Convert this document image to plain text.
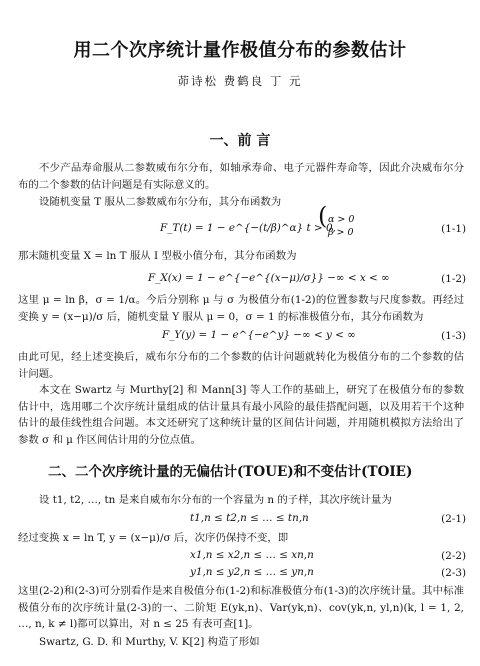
用二个次序统计量作极值分布的参数估计
茆诗松 费鹤良 丁 元
一、前 言
不少产品寿命服从二参数威布尔分布，如轴承寿命、电子元器件寿命等，因此介决威布尔分布的二个参数的估计问题是有实际意义的。
设随机变量 T 服从二参数威布尔分布，其分布函数为
F_T(t) = 1 − e^{−(t/β)^α} t > 0,
( α > 0
β > 0	(1-1)
那末随机变量 X = ln T 服从 I 型极小值分布，其分布函数为
F_X(x) = 1 − e^{−e^{(x−μ)/σ}} −∞ < x < ∞	(1-2)
这里 μ = ln β，σ = 1/α。今后分别称 μ 与 σ 为极值分布(1-2)的位置参数与尺度参数。再经过变换 y = (x−μ)/σ 后，随机变量 Y 服从 μ = 0，σ = 1 的标准极值分布，其分布函数为
F_Y(y) = 1 − e^{−e^y} −∞ < y < ∞	(1-3)
由此可见，经上述变换后，威布尔分布的二个参数的估计问题就转化为极值分布的二个参数的估计问题。
本文在 Swartz 与 Murthy[2] 和 Mann[3] 等人工作的基础上，研究了在极值分布的参数估计中，选用哪二个次序统计量组成的估计量具有最小风险的最佳搭配问题，以及用若干个这种估计的最佳线性组合问题。本文还研究了这种统计量的区间估计问题，并用随机模拟方法给出了参数 σ 和 μ 作区间估计用的分位点值。
二、二个次序统计量的无偏估计(TOUE)和不变估计(TOIE)
设 t1, t2, …, tn 是来自威布尔分布的一个容量为 n 的子样，其次序统计量为
t1,n ≤ t2,n ≤ … ≤ tn,n	(2-1)
经过变换 x = ln T, y = (x−μ)/σ 后，次序仍保持不变，即
x1,n ≤ x2,n ≤ … ≤ xn,n	(2-2)
y1,n ≤ y2,n ≤ … ≤ yn,n	(2-3)
这里(2-2)和(2-3)可分别看作是来自极值分布(1-2)和标准极值分布(1-3)的次序统计量。其中标准极值分布的次序统计量(2-3)的一、二阶矩 E(yk,n)、Var(yk,n)、cov(yk,n, yl,n)(k, l = 1, 2, …, n, k ≠ l)都可以算出，对 n ≤ 25 有表可查[1]。
Swartz, G. D. 和 Murthy, V. K[2] 构造了形如
